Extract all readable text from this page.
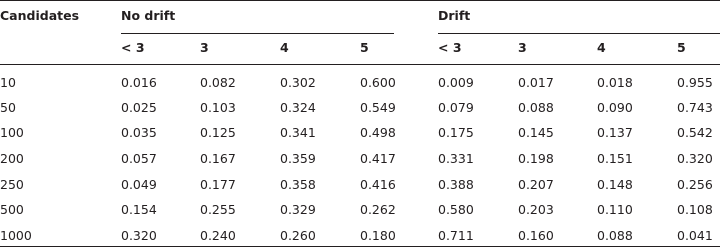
Candidates	No drift	Drift
< 3	3	4	5	< 3	3	4	5
10	0.016	0.082	0.302	0.600	0.009	0.017	0.018	0.955
50	0.025	0.103	0.324	0.549	0.079	0.088	0.090	0.743
100	0.035	0.125	0.341	0.498	0.175	0.145	0.137	0.542
200	0.057	0.167	0.359	0.417	0.331	0.198	0.151	0.320
250	0.049	0.177	0.358	0.416	0.388	0.207	0.148	0.256
500	0.154	0.255	0.329	0.262	0.580	0.203	0.110	0.108
1000	0.320	0.240	0.260	0.180	0.711	0.160	0.088	0.041
